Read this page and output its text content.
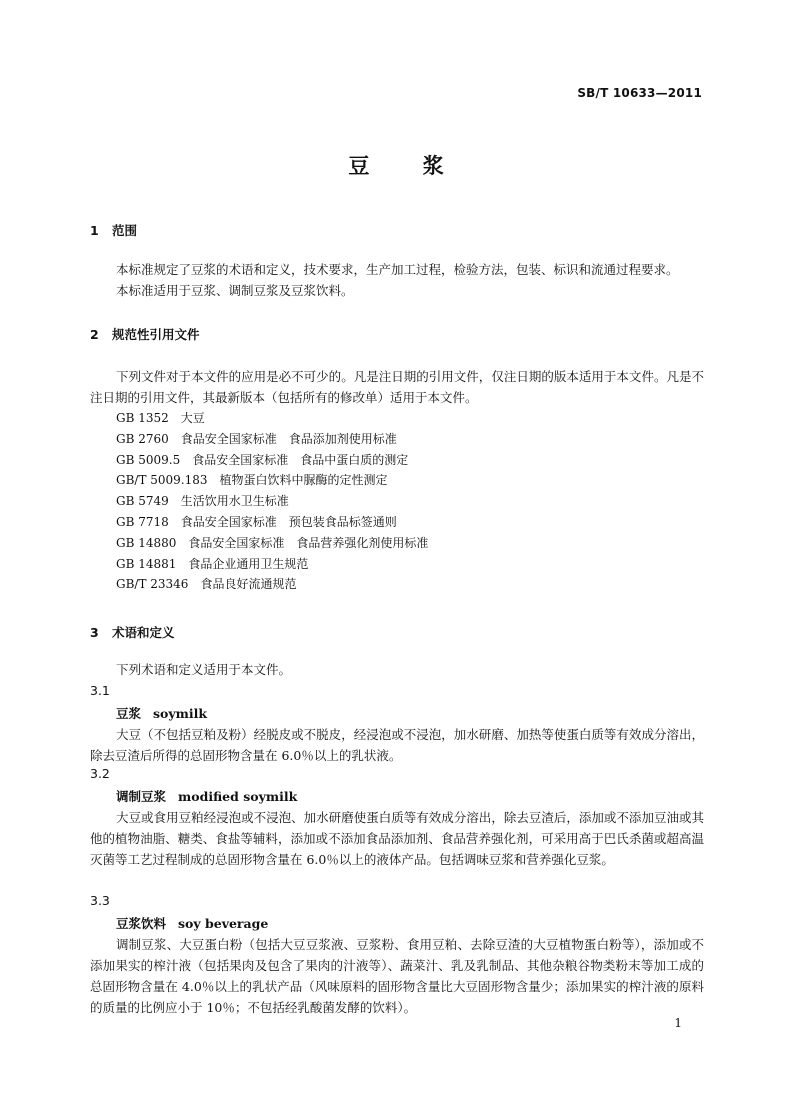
SB/T 10633—2011
豆 浆
1 范围

本标准规定了豆浆的术语和定义，技术要求，生产加工过程，检验方法，包装、标识和流通过程要求。

本标准适用于豆浆、调制豆浆及豆浆饮料。

2 规范性引用文件

下列文件对于本文件的应用是必不可少的。凡是注日期的引用文件，仅注日期的版本适用于本文件。凡是不注日期的引用文件，其最新版本（包括所有的修改单）适用于本文件。

GB 1352　 大豆
GB 2760　 食品安全国家标准　食品添加剂使用标准
GB 5009.5　 食品安全国家标准　食品中蛋白质的测定
GB/T 5009.183　 植物蛋白饮料中脲酶的定性测定
GB 5749　 生活饮用水卫生标准
GB 7718　 食品安全国家标准　预包装食品标签通则
GB 14880　 食品安全国家标准　食品营养强化剂使用标准
GB 14881　 食品企业通用卫生规范
GB/T 23346　 食品良好流通规范
3 术语和定义

下列术语和定义适用于本文件。

3.1
豆浆 soymilk

大豆（不包括豆粕及粉）经脱皮或不脱皮，经浸泡或不浸泡，加水研磨、加热等使蛋白质等有效成分溶出，除去豆渣后所得的总固形物含量在 6.0％以上的乳状液。

3.2
调制豆浆 modified soymilk

大豆或食用豆粕经浸泡或不浸泡、加水研磨使蛋白质等有效成分溶出，除去豆渣后，添加或不添加豆油或其他的植物油脂、糖类、食盐等辅料，添加或不添加食品添加剂、食品营养强化剂，可采用高于巴氏杀菌或超高温灭菌等工艺过程制成的总固形物含量在 6.0％以上的液体产品。包括调味豆浆和营养强化豆浆。

3.3
豆浆饮料 soy beverage

调制豆浆、大豆蛋白粉（包括大豆豆浆液、豆浆粉、食用豆粕、去除豆渣的大豆植物蛋白粉等），添加或不添加果实的榨汁液（包括果肉及包含了果肉的汁液等）、蔬菜汁、乳及乳制品、其他杂粮谷物类粉末等加工成的总固形物含量在 4.0％以上的乳状产品（风味原料的固形物含量比大豆固形物含量少；添加果实的榨汁液的原料的质量的比例应小于 10％；不包括经乳酸菌发酵的饮料）。

1
